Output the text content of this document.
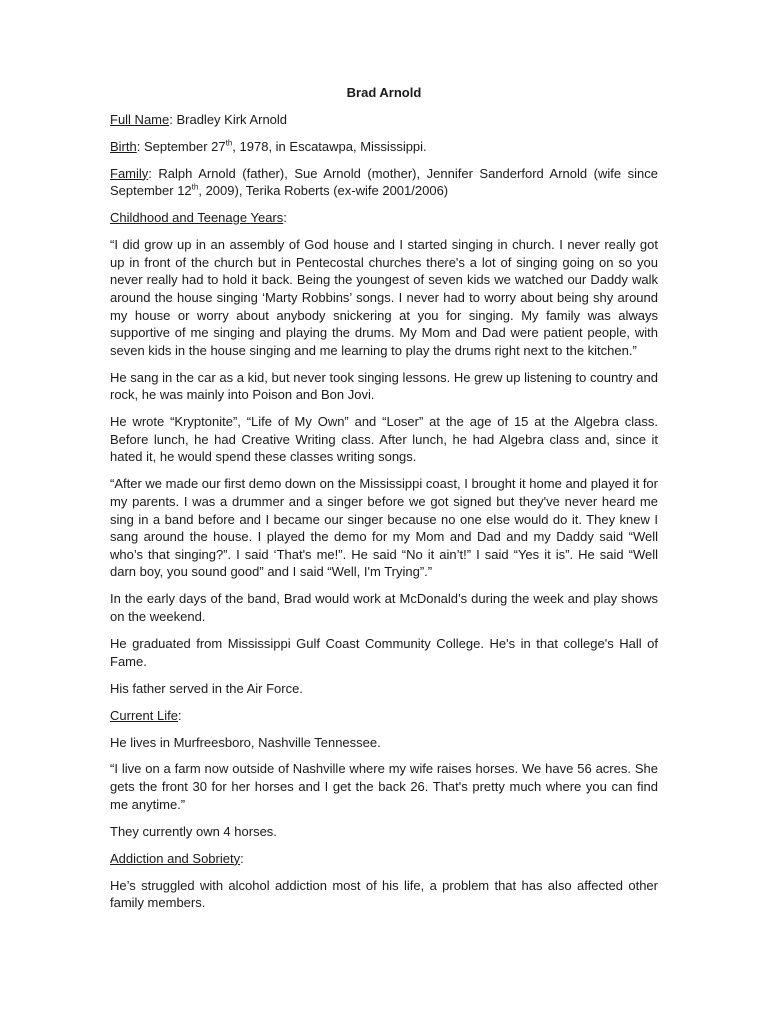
Brad Arnold
Full Name: Bradley Kirk Arnold
Birth: September 27th, 1978, in Escatawpa, Mississippi.
Family: Ralph Arnold (father), Sue Arnold (mother), Jennifer Sanderford Arnold (wife since September 12th, 2009), Terika Roberts (ex-wife 2001/2006)
Childhood and Teenage Years:
“I did grow up in an assembly of God house and I started singing in church. I never really got up in front of the church but in Pentecostal churches there's a lot of singing going on so you never really had to hold it back. Being the youngest of seven kids we watched our Daddy walk around the house singing ‘Marty Robbins’ songs. I never had to worry about being shy around my house or worry about anybody snickering at you for singing. My family was always supportive of me singing and playing the drums. My Mom and Dad were patient people, with seven kids in the house singing and me learning to play the drums right next to the kitchen.”
He sang in the car as a kid, but never took singing lessons. He grew up listening to country and rock, he was mainly into Poison and Bon Jovi.
He wrote “Kryptonite”, “Life of My Own” and “Loser” at the age of 15 at the Algebra class. Before lunch, he had Creative Writing class. After lunch, he had Algebra class and, since it hated it, he would spend these classes writing songs.
“After we made our first demo down on the Mississippi coast, I brought it home and played it for my parents. I was a drummer and a singer before we got signed but they've never heard me sing in a band before and I became our singer because no one else would do it. They knew I sang around the house. I played the demo for my Mom and Dad and my Daddy said “Well who’s that singing?”. I said ‘That's me!”. He said “No it ain’t!” I said “Yes it is”. He said “Well darn boy, you sound good” and I said “Well, I'm Trying”.”
In the early days of the band, Brad would work at McDonald’s during the week and play shows on the weekend.
He graduated from Mississippi Gulf Coast Community College. He's in that college's Hall of Fame.
His father served in the Air Force.
Current Life:
He lives in Murfreesboro, Nashville Tennessee.
“I live on a farm now outside of Nashville where my wife raises horses. We have 56 acres. She gets the front 30 for her horses and I get the back 26. That's pretty much where you can find me anytime.”
They currently own 4 horses.
Addiction and Sobriety:
He’s struggled with alcohol addiction most of his life, a problem that has also affected other family members.
